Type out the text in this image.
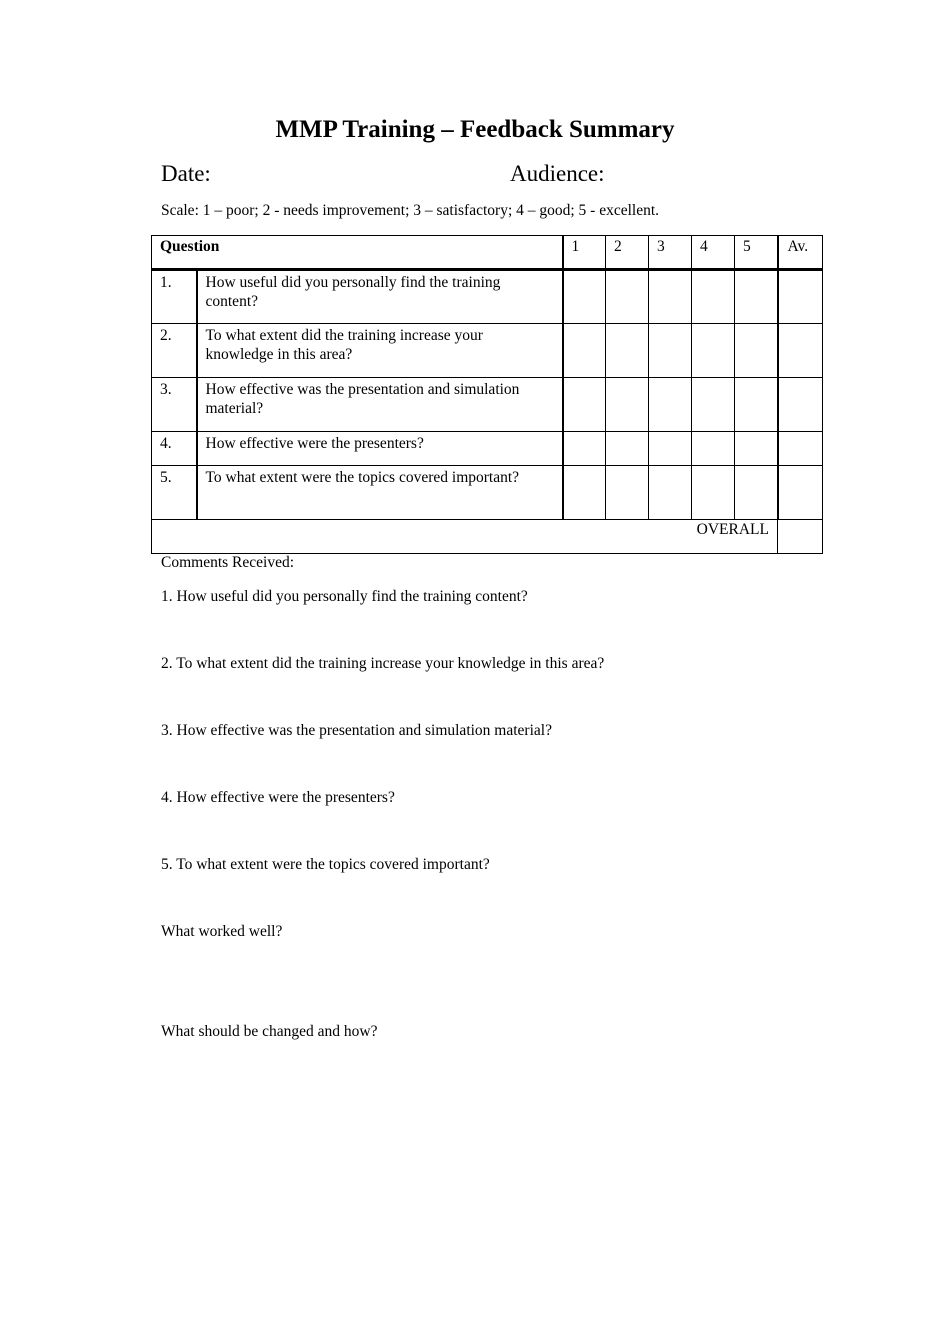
MMP Training – Feedback Summary
Date:	Audience:
Scale: 1 – poor; 2 - needs improvement; 3 – satisfactory; 4 – good; 5 - excellent.
Question		1	2	3	4	5	Av.
1.	How useful did you personally find the training content?						
2.	To what extent did the training increase your knowledge in this area?						
3.	How effective was the presentation and simulation material?						
4.	How effective were the presenters?						
5.	To what extent were the topics covered important?						
OVERALL							
Comments Received:
1. How useful did you personally find the training content?
2. To what extent did the training increase your knowledge in this area?
3. How effective was the presentation and simulation material?
4. How effective were the presenters?
5. To what extent were the topics covered important?
What worked well?
What should be changed and how?
